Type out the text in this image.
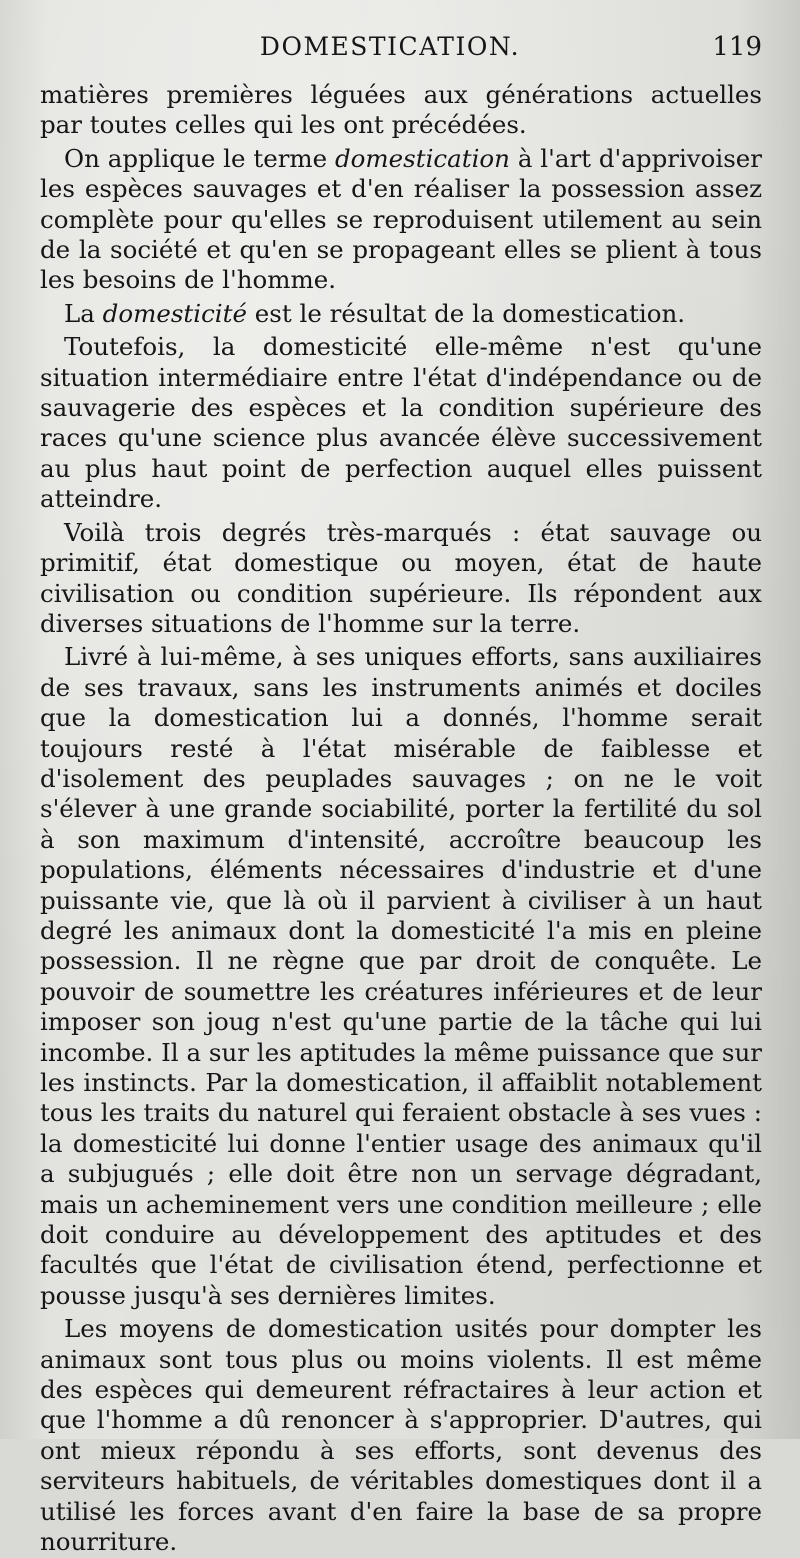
DOMESTICATION.	119

matières premières léguées aux générations actuelles par toutes celles qui les ont précédées.

On applique le terme domestication à l'art d'apprivoiser les espèces sauvages et d'en réaliser la possession assez complète pour qu'elles se reproduisent utilement au sein de la société et qu'en se propageant elles se plient à tous les besoins de l'homme.

La domesticité est le résultat de la domestication.

Toutefois, la domesticité elle-même n'est qu'une situation intermédiaire entre l'état d'indépendance ou de sauvagerie des espèces et la condition supérieure des races qu'une science plus avancée élève successivement au plus haut point de perfection auquel elles puissent atteindre.

Voilà trois degrés très-marqués : état sauvage ou primitif, état domestique ou moyen, état de haute civilisation ou condition supérieure. Ils répondent aux diverses situations de l'homme sur la terre.

Livré à lui-même, à ses uniques efforts, sans auxiliaires de ses travaux, sans les instruments animés et dociles que la domestication lui a donnés, l'homme serait toujours resté à l'état misérable de faiblesse et d'isolement des peuplades sauvages ; on ne le voit s'élever à une grande sociabilité, porter la fertilité du sol à son maximum d'intensité, accroître beaucoup les populations, éléments nécessaires d'industrie et d'une puissante vie, que là où il parvient à civiliser à un haut degré les animaux dont la domesticité l'a mis en pleine possession. Il ne règne que par droit de conquête. Le pouvoir de soumettre les créatures inférieures et de leur imposer son joug n'est qu'une partie de la tâche qui lui incombe. Il a sur les aptitudes la même puissance que sur les instincts. Par la domestication, il affaiblit notablement tous les traits du naturel qui feraient obstacle à ses vues : la domesticité lui donne l'entier usage des animaux qu'il a subjugués ; elle doit être non un servage dégradant, mais un acheminement vers une condition meilleure ; elle doit conduire au développement des aptitudes et des facultés que l'état de civilisation étend, perfectionne et pousse jusqu'à ses dernières limites.

Les moyens de domestication usités pour dompter les animaux sont tous plus ou moins violents. Il est même des espèces qui demeurent réfractaires à leur action et que l'homme a dû renoncer à s'approprier. D'autres, qui ont mieux répondu à ses efforts, sont devenus des serviteurs habituels, de véritables domestiques dont il a utilisé les forces avant d'en faire la base de sa propre nourriture.
